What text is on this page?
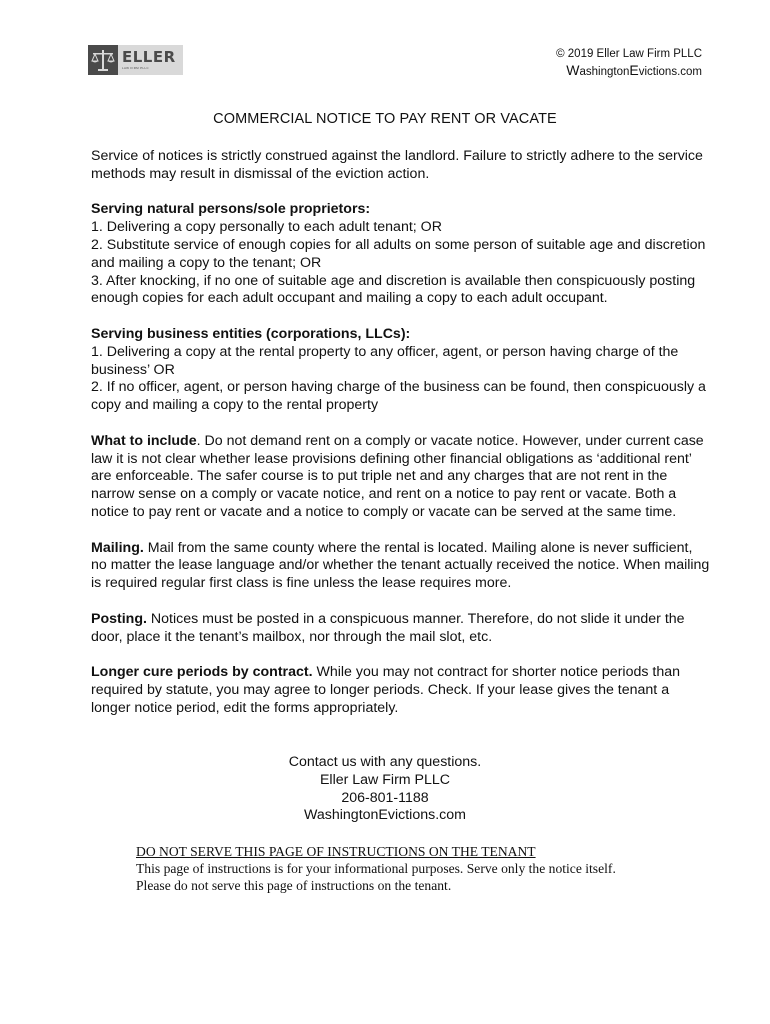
ELLER
LAW FIRM PLLC
© 2019 Eller Law Firm PLLC
WashingtonEvictions.com
COMMERCIAL NOTICE TO PAY RENT OR VACATE

Service of notices is strictly construed against the landlord. Failure to strictly adhere to the service methods may result in dismissal of the eviction action.

Serving natural persons/sole proprietors:
1. Delivering a copy personally to each adult tenant; OR
2. Substitute service of enough copies for all adults on some person of suitable age and discretion and mailing a copy to the tenant; OR
3. After knocking, if no one of suitable age and discretion is available then conspicuously posting enough copies for each adult occupant and mailing a copy to each adult occupant.

Serving business entities (corporations, LLCs):
1. Delivering a copy at the rental property to any officer, agent, or person having charge of the business’ OR
2. If no officer, agent, or person having charge of the business can be found, then conspicuously a copy and mailing a copy to the rental property

What to include. Do not demand rent on a comply or vacate notice. However, under current case law it is not clear whether lease provisions defining other financial obligations as ‘additional rent’ are enforceable. The safer course is to put triple net and any charges that are not rent in the narrow sense on a comply or vacate notice, and rent on a notice to pay rent or vacate. Both a notice to pay rent or vacate and a notice to comply or vacate can be served at the same time.

Mailing. Mail from the same county where the rental is located. Mailing alone is never sufficient, no matter the lease language and/or whether the tenant actually received the notice. When mailing is required regular first class is fine unless the lease requires more.

Posting. Notices must be posted in a conspicuous manner. Therefore, do not slide it under the door, place it the tenant’s mailbox, nor through the mail slot, etc.

Longer cure periods by contract. While you may not contract for shorter notice periods than required by statute, you may agree to longer periods. Check. If your lease gives the tenant a longer notice period, edit the forms appropriately.

Contact us with any questions.
Eller Law Firm PLLC
206-801-1188
WashingtonEvictions.com
DO NOT SERVE THIS PAGE OF INSTRUCTIONS ON THE TENANT
This page of instructions is for your informational purposes. Serve only the notice itself. Please do not serve this page of instructions on the tenant.
